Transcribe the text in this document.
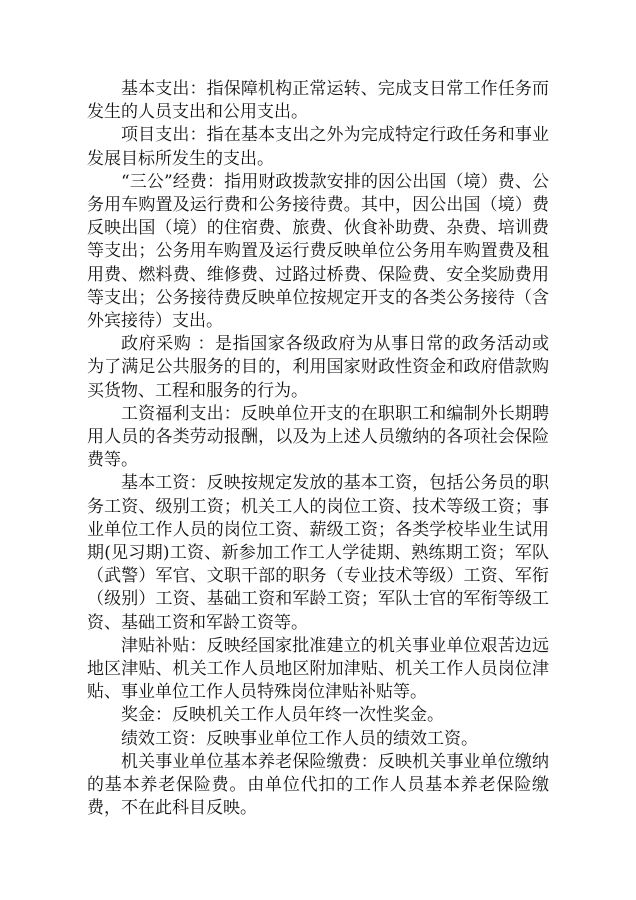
基本支出：指保障机构正常运转、完成支日常工作任务而发生的人员支出和公用支出。

项目支出：指在基本支出之外为完成特定行政任务和事业发展目标所发生的支出。

“三公”经费：指用财政拨款安排的因公出国（境）费、公务用车购置及运行费和公务接待费。其中，因公出国（境）费反映出国（境）的住宿费、旅费、伙食补助费、杂费、培训费等支出；公务用车购置及运行费反映单位公务用车购置费及租用费、燃料费、维修费、过路过桥费、保险费、安全奖励费用等支出；公务接待费反映单位按规定开支的各类公务接待（含外宾接待）支出。

政府采购 ：是指国家各级政府为从事日常的政务活动或为了满足公共服务的目的，利用国家财政性资金和政府借款购买货物、工程和服务的行为。

工资福利支出：反映单位开支的在职职工和编制外长期聘用人员的各类劳动报酬，以及为上述人员缴纳的各项社会保险费等。

基本工资：反映按规定发放的基本工资，包括公务员的职务工资、级别工资；机关工人的岗位工资、技术等级工资；事业单位工作人员的岗位工资、薪级工资；各类学校毕业生试用期(见习期)工资、新参加工作工人学徒期、熟练期工资；军队（武警）军官、文职干部的职务（专业技术等级）工资、军衔（级别）工资、基础工资和军龄工资；军队士官的军衔等级工资、基础工资和军龄工资等。

津贴补贴：反映经国家批准建立的机关事业单位艰苦边远地区津贴、机关工作人员地区附加津贴、机关工作人员岗位津贴、事业单位工作人员特殊岗位津贴补贴等。

奖金：反映机关工作人员年终一次性奖金。

绩效工资：反映事业单位工作人员的绩效工资。

机关事业单位基本养老保险缴费：反映机关事业单位缴纳的基本养老保险费。由单位代扣的工作人员基本养老保险缴费，不在此科目反映。
